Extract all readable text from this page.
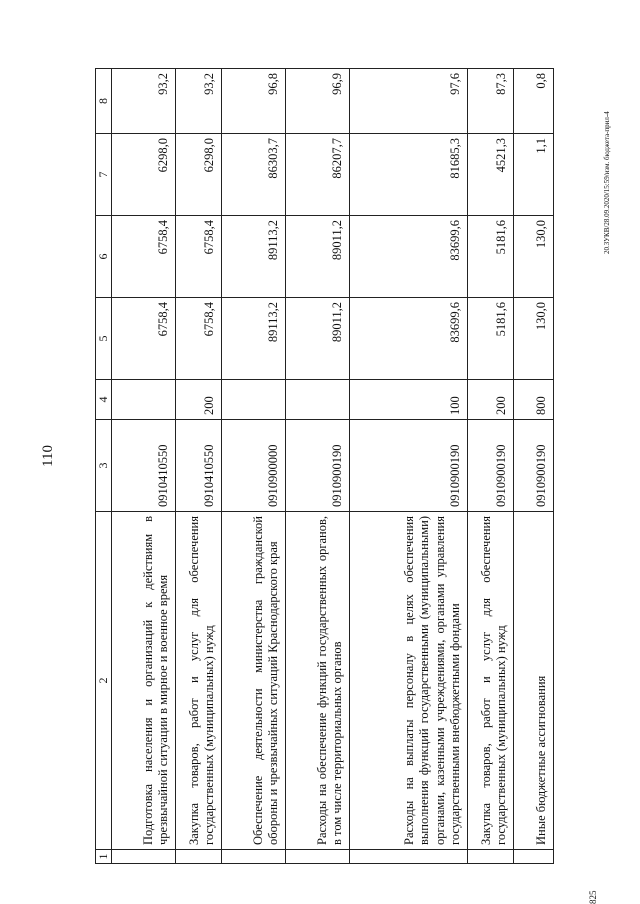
110
1	2	3	4	5	6	7	8
	Подготовка населения и организаций к действиям в чрезвычайной ситуации в мирное и военное время	0910410550		6758,4	6758,4	6298,0	93,2
	Закупка товаров, работ и услуг для обеспечения государственных (муниципальных) нужд	0910410550	200	6758,4	6758,4	6298,0	93,2
	Обеспечение деятельности министерства гражданской обороны и чрезвычайных ситуаций Краснодарского края	0910900000		89113,2	89113,2	86303,7	96,8
	Расходы на обеспечение функций государственных органов, в том числе территориальных органов	0910900190		89011,2	89011,2	86207,7	96,9
	Расходы на выплаты персоналу в целях обеспечения выполнения функций государственными (муниципальными) органами, казенными учреждениями, органами управления государственными внебюджетными фондами	0910900190	100	83699,6	83699,6	81685,3	97,6
	Закупка товаров, работ и услуг для обеспечения государственных (муниципальных) нужд	0910900190	200	5181,6	5181,6	4521,3	87,3
	Иные бюджетные ассигнования	0910900190	800	130,0	130,0	1,1	0,8
20.ЗУКВ/28.09.2020/15:59/изм. бюджета-прил-4
825
